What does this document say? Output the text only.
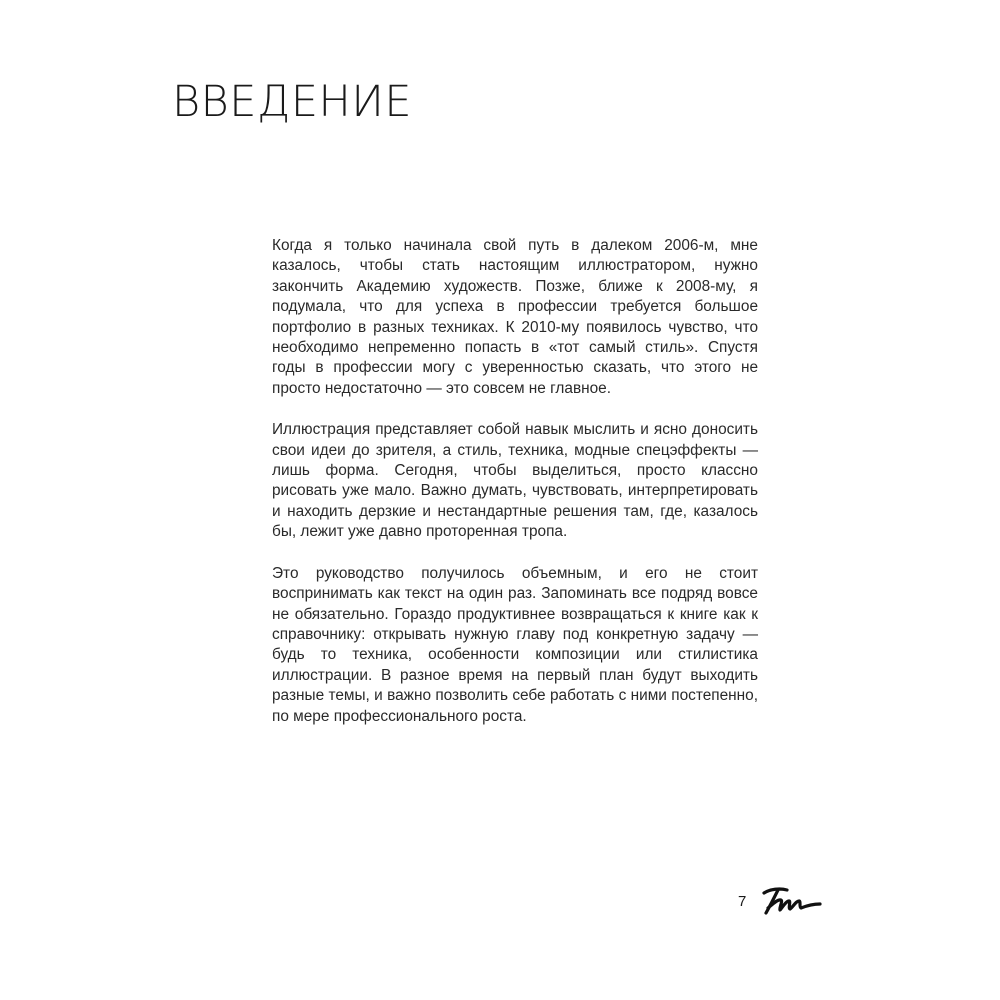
ВВЕДЕНИЕ

Когда я только начинала свой путь в далеком 2006-м, мне казалось, чтобы стать настоящим иллюстратором, нужно закончить Академию художеств. Позже, ближе к 2008-му, я подумала, что для успеха в профессии требуется большое портфолио в разных техниках. К 2010-му появилось чувство, что необходимо непременно попасть в «тот самый стиль». Спустя годы в профессии могу с уверенностью сказать, что этого не просто недостаточно — это совсем не главное.

Иллюстрация представляет собой навык мыслить и ясно доносить свои идеи до зрителя, а стиль, техника, модные спецэффекты — лишь форма. Сегодня, чтобы выделиться, просто классно рисовать уже мало. Важно думать, чувствовать, интерпретировать и находить дерзкие и нестандартные решения там, где, казалось бы, лежит уже давно проторенная тропа.

Это руководство получилось объемным, и его не стоит воспринимать как текст на один раз. Запоминать все подряд вовсе не обязательно. Гораздо продуктивнее возвращаться к книге как к справочнику: открывать нужную главу под конкретную задачу — будь то техника, особенности композиции или стилистика иллюстрации. В разное время на первый план будут выходить разные темы, и важно позволить себе работать с ними постепенно, по мере профессионального роста.

7
